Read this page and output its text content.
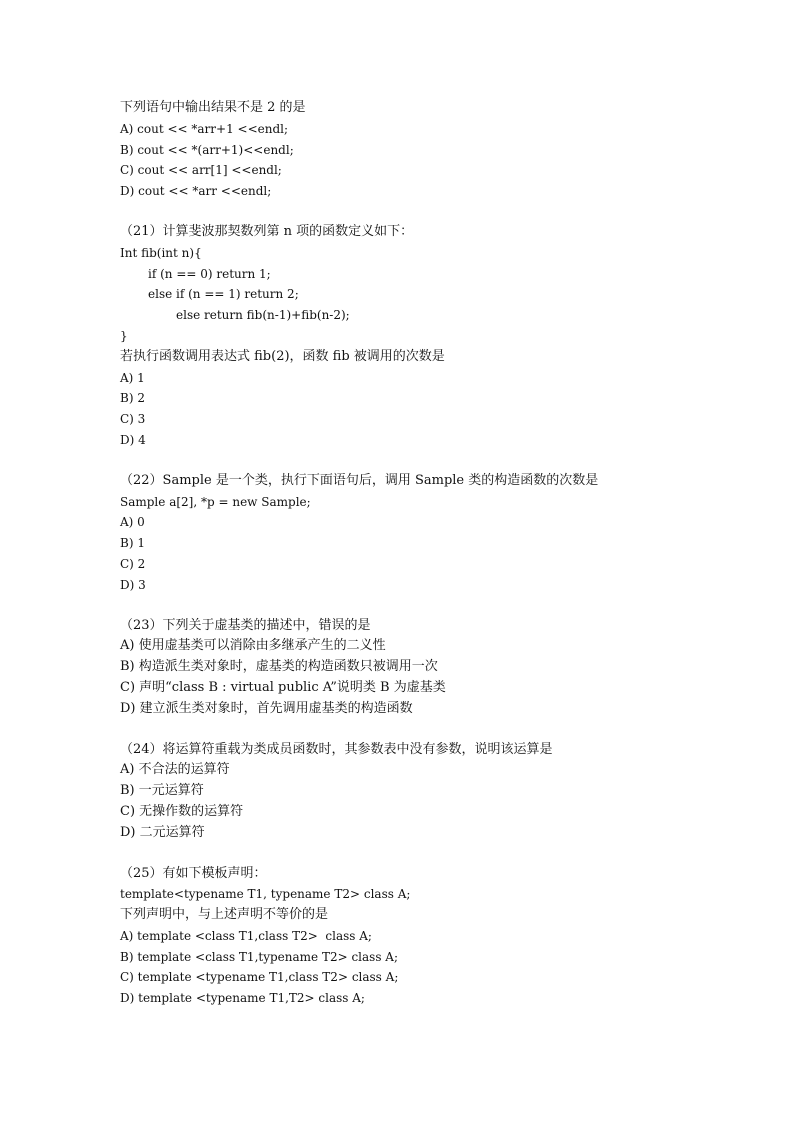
下列语句中输出结果不是 2 的是
A) cout << *arr+1 <<endl;
B) cout << *(arr+1)<<endl;
C) cout << arr[1] <<endl;
D) cout << *arr <<endl;
（21）计算斐波那契数列第 n 项的函数定义如下：
Int fib(int n){
if (n == 0) return 1;
else if (n == 1) return 2;
else return fib(n-1)+fib(n-2);
}
若执行函数调用表达式 fib(2)，函数 fib 被调用的次数是
A) 1
B) 2
C) 3
D) 4
（22）Sample 是一个类，执行下面语句后，调用 Sample 类的构造函数的次数是
Sample a[2], *p = new Sample;
A) 0
B) 1
C) 2
D) 3
（23）下列关于虚基类的描述中，错误的是
A) 使用虚基类可以消除由多继承产生的二义性
B) 构造派生类对象时，虚基类的构造函数只被调用一次
C) 声明“class B : virtual public A”说明类 B 为虚基类
D) 建立派生类对象时，首先调用虚基类的构造函数
（24）将运算符重载为类成员函数时，其参数表中没有参数，说明该运算是
A) 不合法的运算符
B) 一元运算符
C) 无操作数的运算符
D) 二元运算符
（25）有如下模板声明：
template<typename T1, typename T2> class A;
下列声明中，与上述声明不等价的是
A) template <class T1,class T2>  class A;
B) template <class T1,typename T2> class A;
C) template <typename T1,class T2> class A;
D) template <typename T1,T2> class A;
